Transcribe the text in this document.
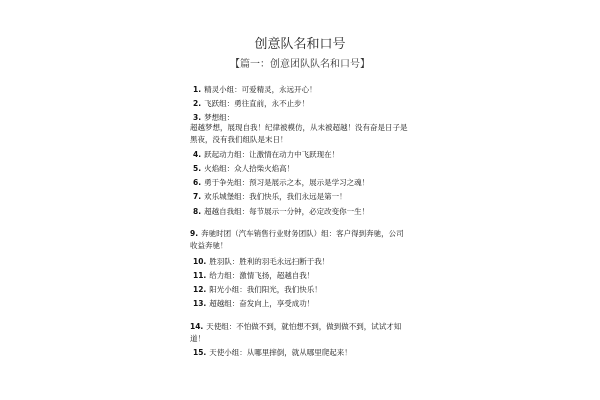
创意队名和口号
【篇一：创意团队队名和口号】
1. 精灵小组：可爱精灵，永远开心！
2. 飞跃组：勇往直前，永不止步！
3. 梦想组：
超越梦想，展现自我！纪律被模仿，从未被超越！没有奋是日子是黑夜，没有我们组队是末日！
4. 跃起动力组：让激情在动力中飞跃现在！
5. 火焰组：众人拾柴火焰高！
6. 勇于争先组：预习是展示之本，展示是学习之魂！
7. 欢乐城堡组：我们快乐，我们永远是第一！
8. 超越自我组：每节展示一分钟，必定改变你一生！
9. 奔驰时团（汽车销售行业财务团队）组：客户得到奔驰，公司收益奔驰！
10. 胜羽队：胜利的羽毛永远扫断于我！
11. 给力组：激情飞扬，超越自我！
12. 阳光小组：我们阳光，我们快乐！
13. 超越组：奋发向上，享受成功！
14. 天使组：不怕做不到，就怕想不到，做到做不到，试试才知道！
15. 天使小组：从哪里摔倒，就从哪里爬起来！
